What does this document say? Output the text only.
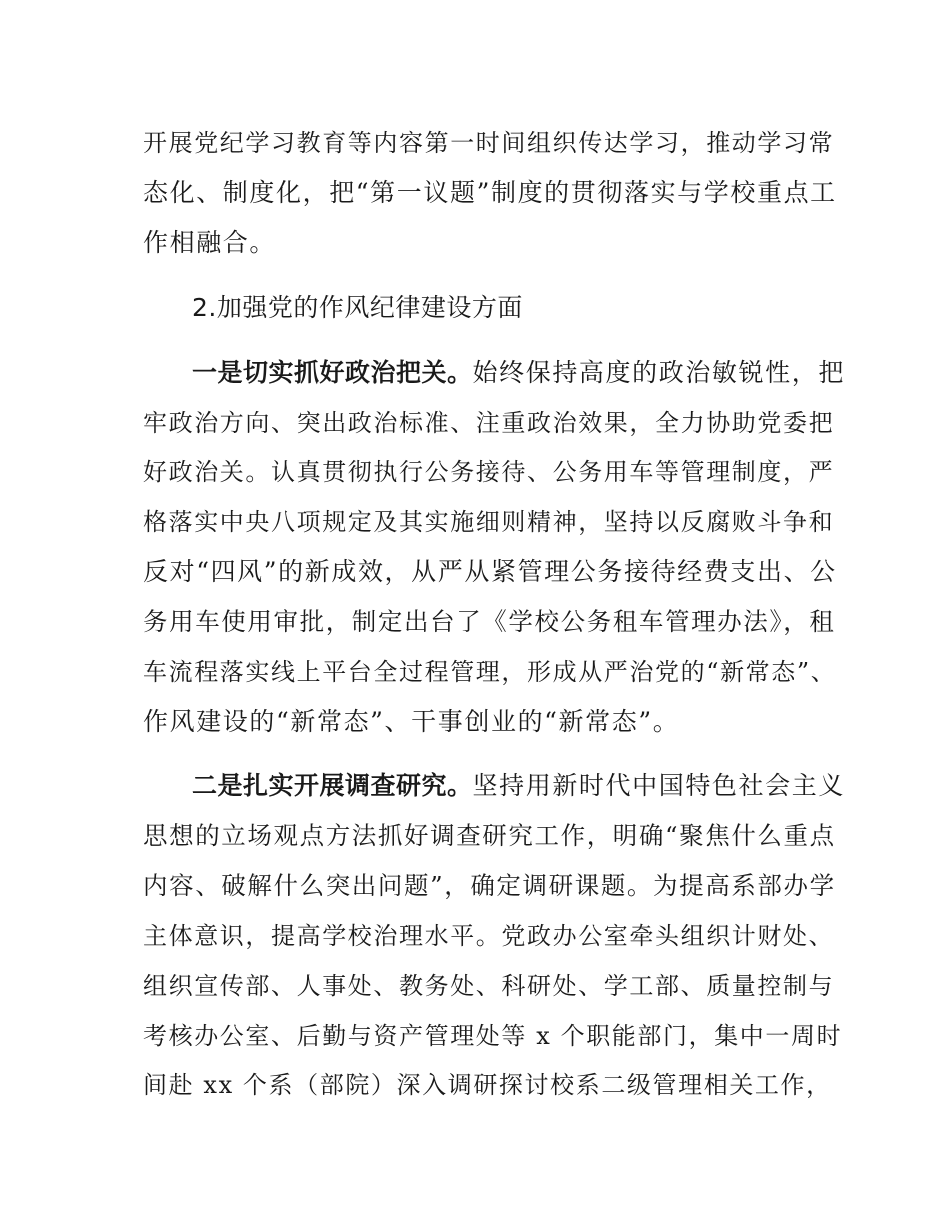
开展党纪学习教育等内容第一时间组织传达学习，推动学习常
态化、制度化，把“第一议题”制度的贯彻落实与学校重点工
作相融合。
2.加强党的作风纪律建设方面
一是切实抓好政治把关。始终保持高度的政治敏锐性，把
牢政治方向、突出政治标准、注重政治效果，全力协助党委把
好政治关。认真贯彻执行公务接待、公务用车等管理制度，严
格落实中央八项规定及其实施细则精神，坚持以反腐败斗争和
反对“四风”的新成效，从严从紧管理公务接待经费支出、公
务用车使用审批，制定出台了《学校公务租车管理办法》，租
车流程落实线上平台全过程管理，形成从严治党的“新常态”、
作风建设的“新常态”、干事创业的“新常态”。
二是扎实开展调查研究。坚持用新时代中国特色社会主义
思想的立场观点方法抓好调查研究工作，明确“聚焦什么重点
内容、破解什么突出问题”，确定调研课题。为提高系部办学
主体意识，提高学校治理水平。党政办公室牵头组织计财处、
组织宣传部、人事处、教务处、科研处、学工部、质量控制与
考核办公室、后勤与资产管理处等 x 个职能部门，集中一周时
间赴 xx 个系（部院）深入调研探讨校系二级管理相关工作，
